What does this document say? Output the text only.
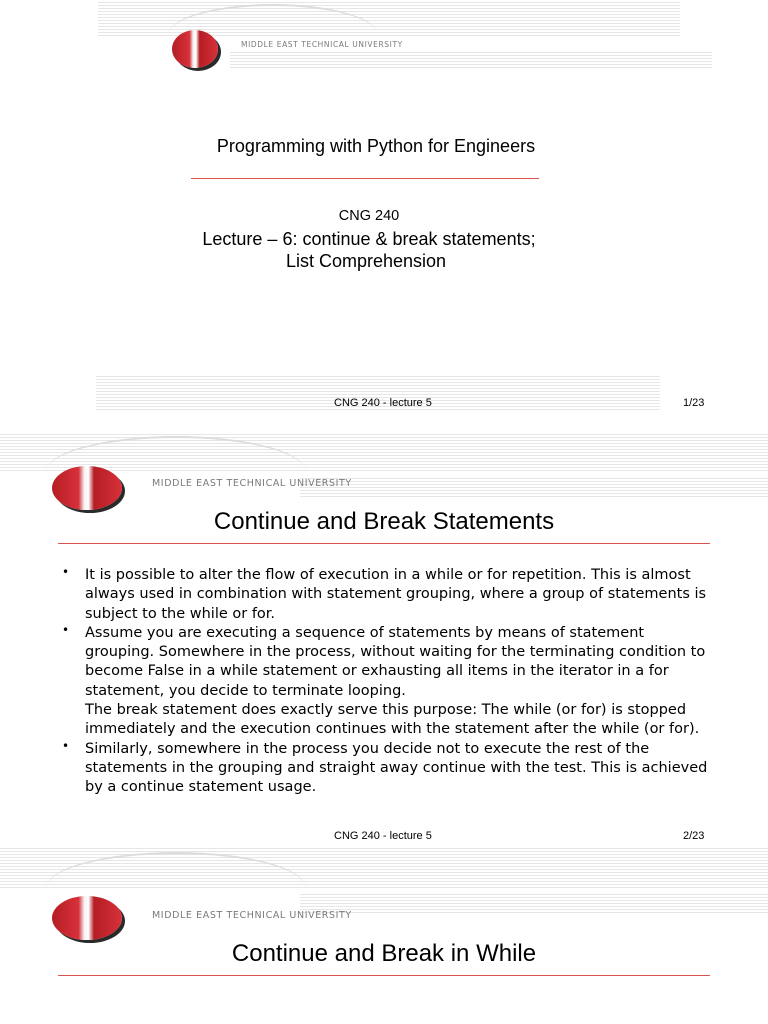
MIDDLE EAST TECHNICAL UNIVERSITY
Programming with Python for Engineers
CNG 240
Lecture – 6: continue & break statements;
List Comprehension
CNG 240 - lecture 5	1/23
MIDDLE EAST TECHNICAL UNIVERSITY
Continue and Break Statements
• It is possible to alter the flow of execution in a while or for repetition. This is almost always used in combination with statement grouping, where a group of statements is subject to the while or for.

• Assume you are executing a sequence of statements by means of statement grouping. Somewhere in the process, without waiting for the terminating condition to become False in a while statement or exhausting all items in the iterator in a for statement, you decide to terminate looping.

The break statement does exactly serve this purpose: The while (or for) is stopped immediately and the execution continues with the statement after the while (or for).

• Similarly, somewhere in the process you decide not to execute the rest of the statements in the grouping and straight away continue with the test. This is achieved by a continue statement usage.

CNG 240 - lecture 5	2/23
MIDDLE EAST TECHNICAL UNIVERSITY
Continue and Break in While
